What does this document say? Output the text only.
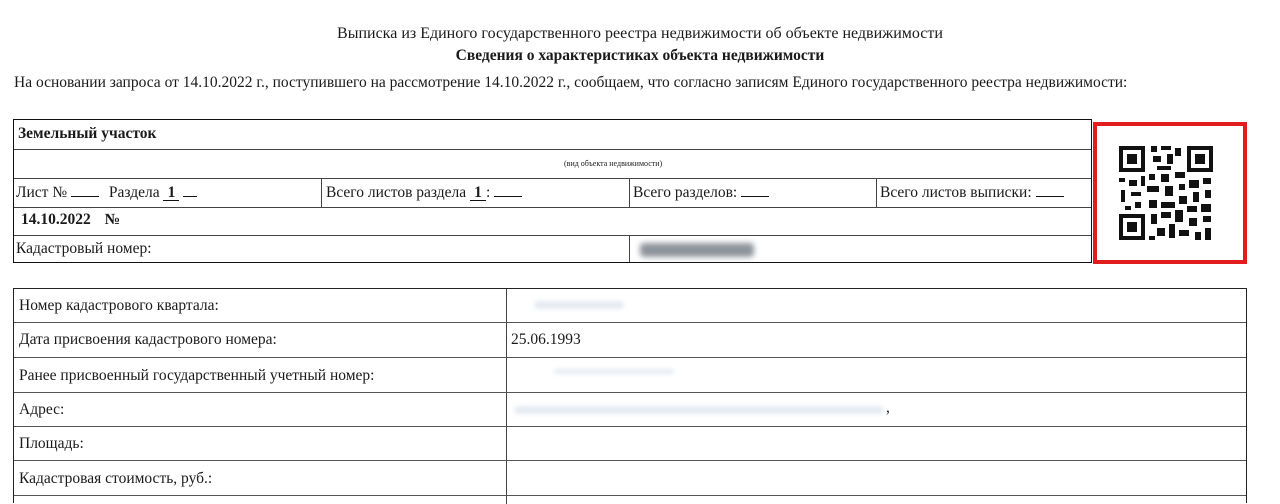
Выписка из Единого государственного реестра недвижимости об объекте недвижимости
Сведения о характеристиках объекта недвижимости
На основании запроса от 14.10.2022 г., поступившего на рассмотрение 14.10.2022 г., сообщаем, что согласно записям Единого государственного реестра недвижимости:
Земельный участок
(вид объекта недвижимости)
Лист №	Раздела 1	Всего листов раздела 1 :	Всего разделов:	Всего листов выписки:
14.10.2022 №
Кадастровый номер:
Номер кадастрового квартала:
Дата присвоения кадастрового номера:	25.06.1993
Ранее присвоенный государственный учетный номер:
Адрес:	,
Площадь:
Кадастровая стоимость, руб.:
